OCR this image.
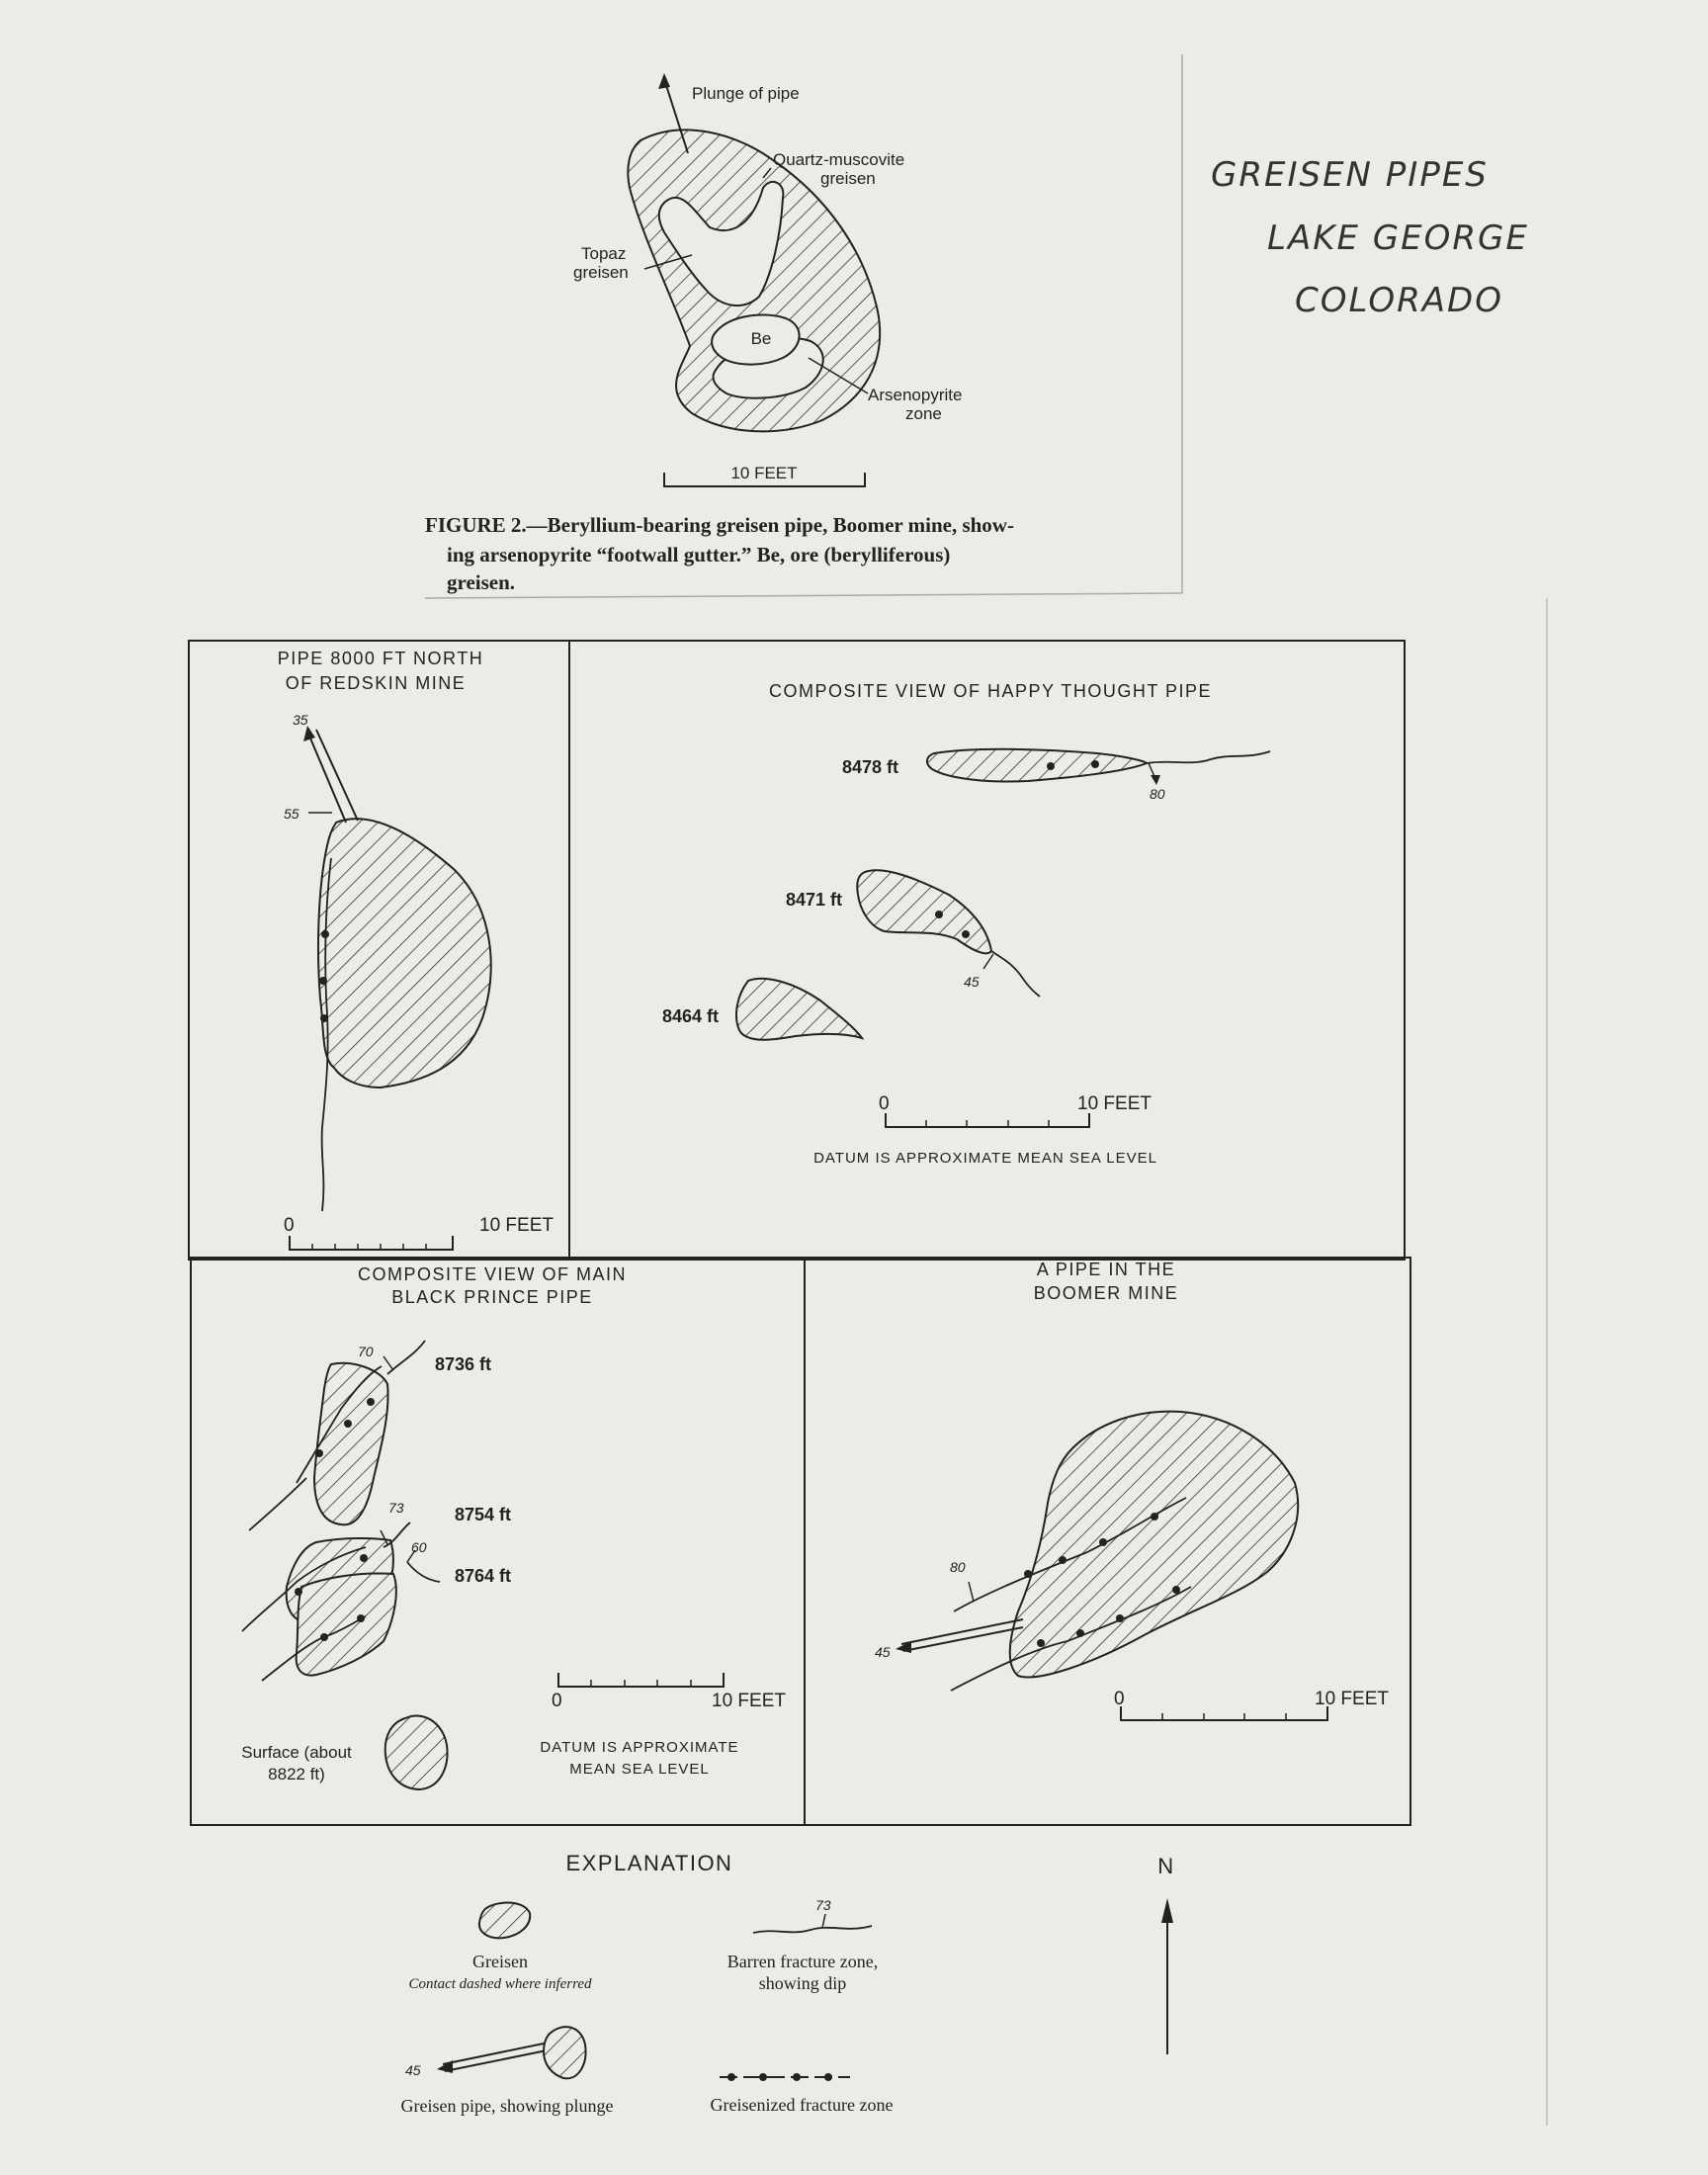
GREISEN PIPES
LAKE GEORGE
COLORADO
Be
Plunge of pipe
Quartz-muscovite
greisen
Topaz
greisen
Arsenopyrite
zone
10 FEET
FIGURE 2.—Beryllium-bearing greisen pipe, Boomer mine, show-
ing arsenopyrite “footwall gutter.” Be, ore (berylliferous)
greisen.
PIPE 8000 FT NORTH
OF REDSKIN MINE
35
55
0	10 FEET
COMPOSITE VIEW OF HAPPY THOUGHT PIPE
8478 ft
80
8471 ft
45
8464 ft
0	10 FEET
DATUM IS APPROXIMATE MEAN SEA LEVEL
COMPOSITE VIEW OF MAIN
BLACK PRINCE PIPE
70
8736 ft
73	8754 ft
60
8764 ft
Surface (about
8822 ft)
0	10 FEET
DATUM IS APPROXIMATE
MEAN SEA LEVEL
A PIPE IN THE
BOOMER MINE
80
45
0	10 FEET
EXPLANATION
Greisen
Contact dashed where inferred
73
Barren fracture zone,
showing dip
45
Greisen pipe, showing plunge	Greisenized fracture zone
N
